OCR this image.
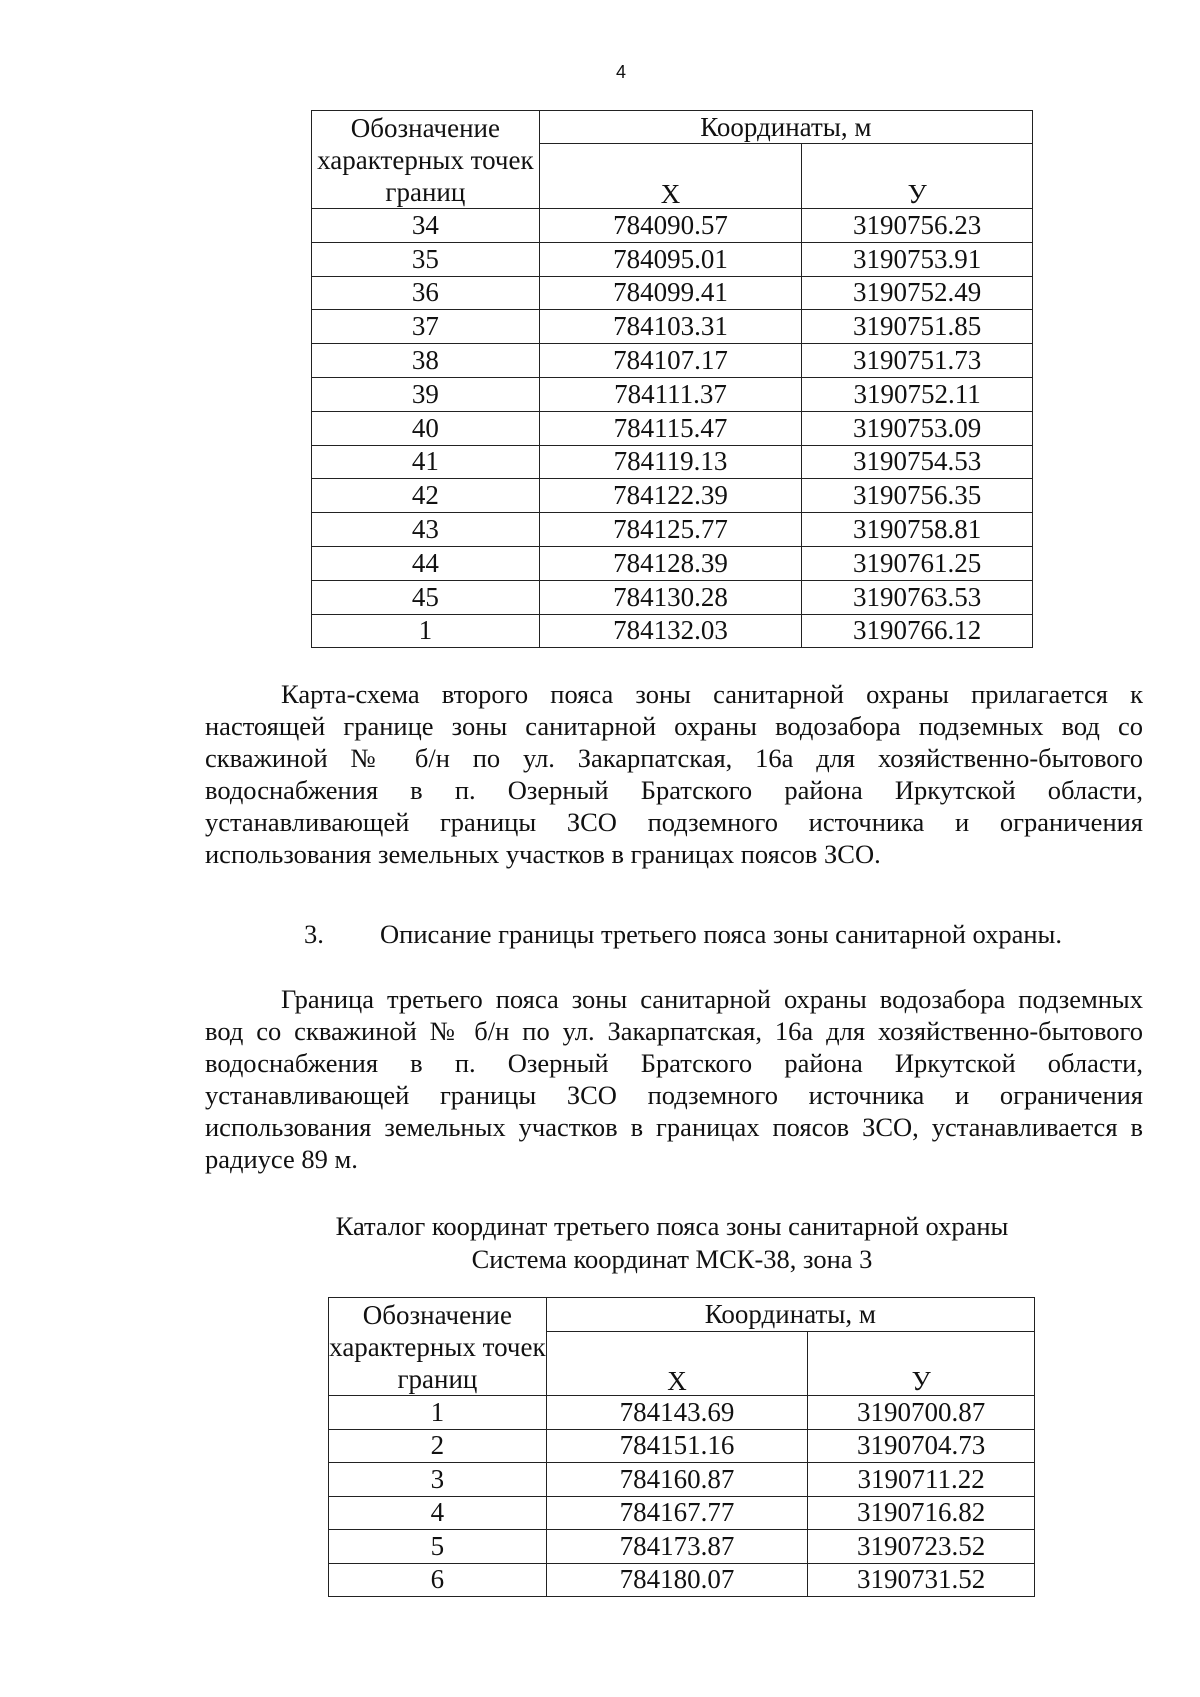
4
Обозначение характерных точек границ	Координаты, м	
	X	У
34	784090.57	3190756.23
35	784095.01	3190753.91
36	784099.41	3190752.49
37	784103.31	3190751.85
38	784107.17	3190751.73
39	784111.37	3190752.11
40	784115.47	3190753.09
41	784119.13	3190754.53
42	784122.39	3190756.35
43	784125.77	3190758.81
44	784128.39	3190761.25
45	784130.28	3190763.53
1	784132.03	3190766.12

Карта-схема второго пояса зоны санитарной охраны прилагается к настоящей границе зоны санитарной охраны водозабора подземных вод со скважиной № б/н по ул. Закарпатская, 16а для хозяйственно-бытового водоснабжения в п. Озерный Братского района Иркутской области, устанавливающей границы ЗСО подземного источника и ограничения использования земельных участков в границах поясов ЗСО.

3. Описание границы третьего пояса зоны санитарной охраны.

Граница третьего пояса зоны санитарной охраны водозабора подземных вод со скважиной № б/н по ул. Закарпатская, 16а для хозяйственно-бытового водоснабжения в п. Озерный Братского района Иркутской области, устанавливающей границы ЗСО подземного источника и ограничения использования земельных участков в границах поясов ЗСО, устанавливается в радиусе 89 м.

Каталог координат третьего пояса зоны санитарной охраны
Система координат МСК-38, зона 3
Обозначение характерных точек границ	Координаты, м	
	X	У
1	784143.69	3190700.87
2	784151.16	3190704.73
3	784160.87	3190711.22
4	784167.77	3190716.82
5	784173.87	3190723.52
6	784180.07	3190731.52
